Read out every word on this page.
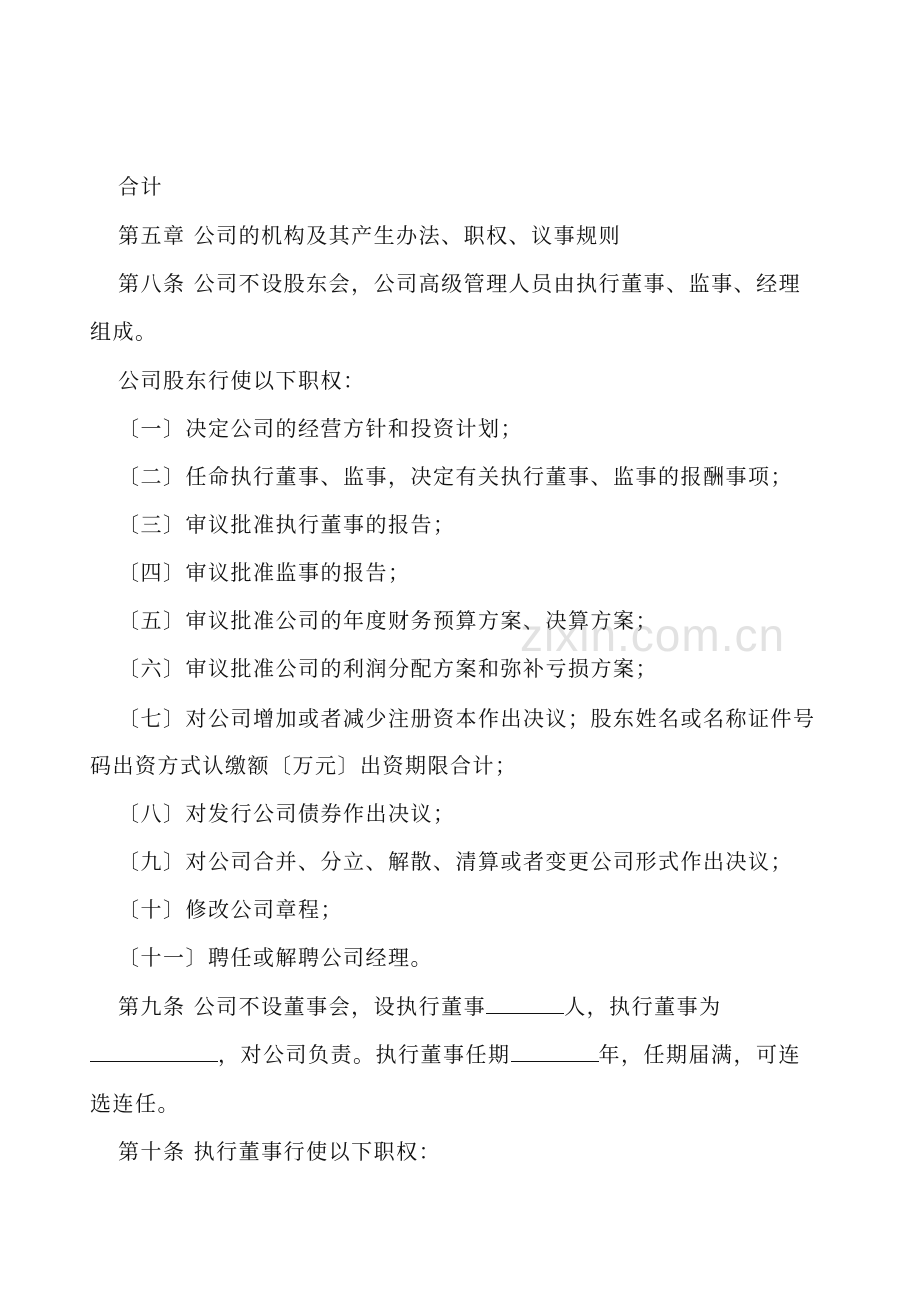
合计
第五章 公司的机构及其产生办法、职权、议事规则
第八条 公司不设股东会，公司高级管理人员由执行董事、监事、经理
组成。
公司股东行使以下职权：
〔一〕决定公司的经营方针和投资计划；
〔二〕任命执行董事、监事，决定有关执行董事、监事的报酬事项；
〔三〕审议批准执行董事的报告；
〔四〕审议批准监事的报告；
〔五〕审议批准公司的年度财务预算方案、决算方案；
〔六〕审议批准公司的利润分配方案和弥补亏损方案；
〔七〕对公司增加或者减少注册资本作出决议；股东姓名或名称证件号
码出资方式认缴额〔万元〕出资期限合计；
〔八〕对发行公司债券作出决议；
〔九〕对公司合并、分立、解散、清算或者变更公司形式作出决议；
〔十〕修改公司章程；
〔十一〕聘任或解聘公司经理。
第九条 公司不设董事会，设执行董事	人，执行董事为
，对公司负责。执行董事任期	年，任期届满，可连
选连任。
第十条 执行董事行使以下职权：
zixin.com.cn
